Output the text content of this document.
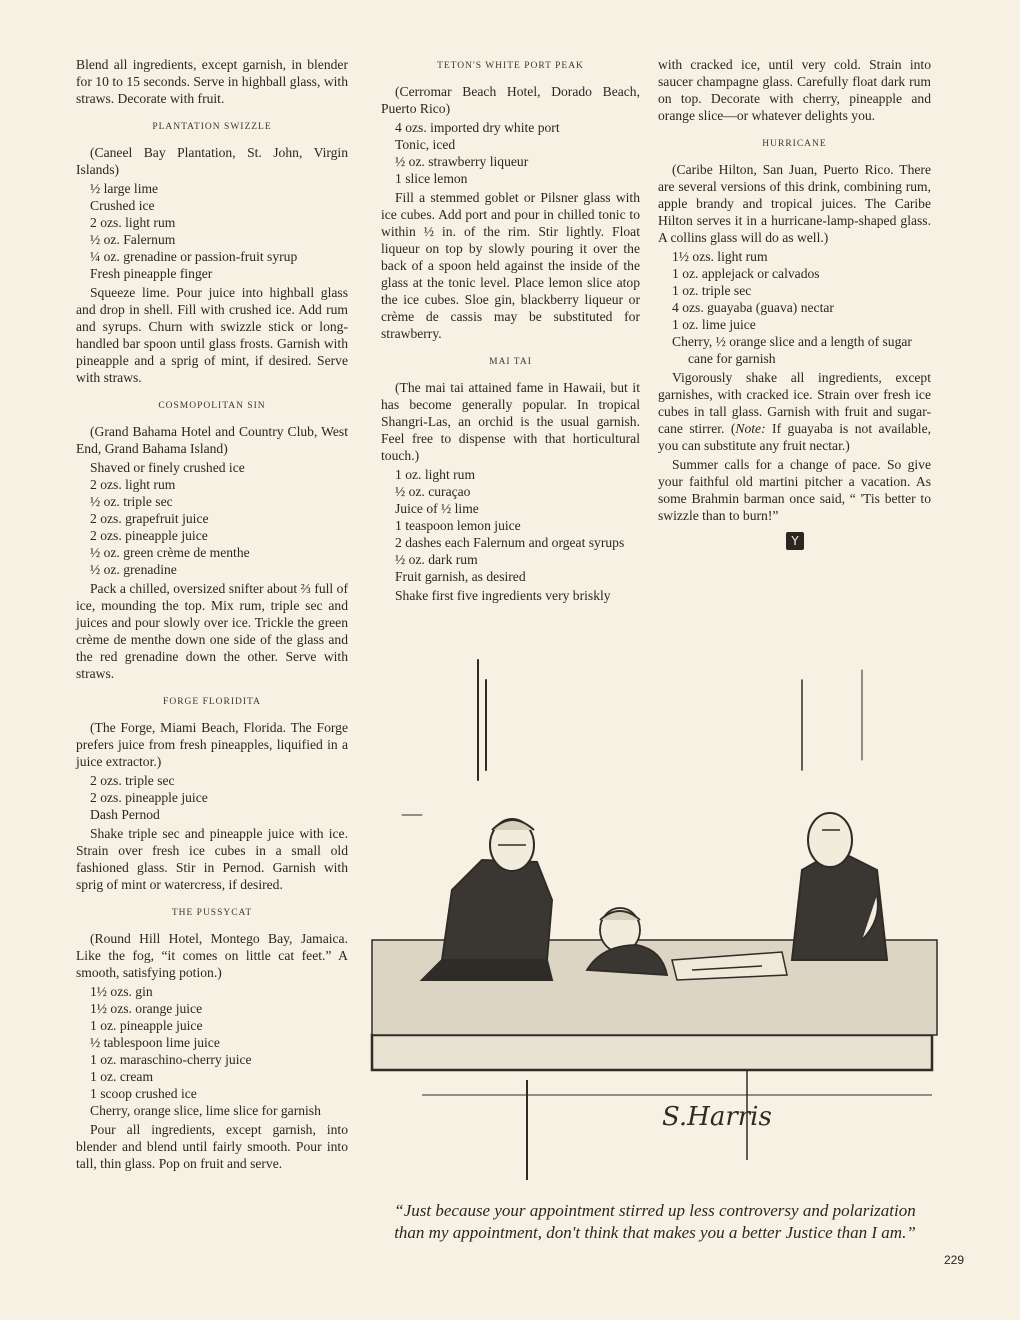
Blend all ingredients, except garnish, in blender for 10 to 15 seconds. Serve in highball glass, with straws. Decorate with fruit.

PLANTATION SWIZZLE

(Caneel Bay Plantation, St. John, Virgin Islands)

½ large lime
Crushed ice
2 ozs. light rum
½ oz. Falernum
¼ oz. grenadine or passion-fruit syrup
Fresh pineapple finger

Squeeze lime. Pour juice into highball glass and drop in shell. Fill with crushed ice. Add rum and syrups. Churn with swizzle stick or long-handled bar spoon until glass frosts. Garnish with pineapple and a sprig of mint, if desired. Serve with straws.

COSMOPOLITAN SIN

(Grand Bahama Hotel and Country Club, West End, Grand Bahama Island)

Shaved or finely crushed ice
2 ozs. light rum
½ oz. triple sec
2 ozs. grapefruit juice
2 ozs. pineapple juice
½ oz. green crème de menthe
½ oz. grenadine

Pack a chilled, oversized snifter about ⅔ full of ice, mounding the top. Mix rum, triple sec and juices and pour slowly over ice. Trickle the green crème de menthe down one side of the glass and the red grenadine down the other. Serve with straws.

FORGE FLORIDITA

(The Forge, Miami Beach, Florida. The Forge prefers juice from fresh pineapples, liquified in a juice extractor.)

2 ozs. triple sec
2 ozs. pineapple juice
Dash Pernod

Shake triple sec and pineapple juice with ice. Strain over fresh ice cubes in a small old fashioned glass. Stir in Pernod. Garnish with sprig of mint or watercress, if desired.

THE PUSSYCAT

(Round Hill Hotel, Montego Bay, Jamaica. Like the fog, “it comes on little cat feet.” A smooth, satisfying potion.)

1½ ozs. gin
1½ ozs. orange juice
1 oz. pineapple juice
½ tablespoon lime juice
1 oz. maraschino-cherry juice
1 oz. cream
1 scoop crushed ice
Cherry, orange slice, lime slice for garnish

Pour all ingredients, except garnish, into blender and blend until fairly smooth. Pour into tall, thin glass. Pop on fruit and serve.

TETON'S WHITE PORT PEAK

(Cerromar Beach Hotel, Dorado Beach, Puerto Rico)

4 ozs. imported dry white port
Tonic, iced
½ oz. strawberry liqueur
1 slice lemon

Fill a stemmed goblet or Pilsner glass with ice cubes. Add port and pour in chilled tonic to within ½ in. of the rim. Stir lightly. Float liqueur on top by slowly pouring it over the back of a spoon held against the inside of the glass at the tonic level. Place lemon slice atop the ice cubes. Sloe gin, blackberry liqueur or crème de cassis may be substituted for strawberry.

MAI TAI

(The mai tai attained fame in Hawaii, but it has become generally popular. In tropical Shangri-Las, an orchid is the usual garnish. Feel free to dispense with that horticultural touch.)

1 oz. light rum
½ oz. curaçao
Juice of ½ lime
1 teaspoon lemon juice
2 dashes each Falernum and orgeat syrups
½ oz. dark rum
Fruit garnish, as desired

Shake first five ingredients very briskly

with cracked ice, until very cold. Strain into saucer champagne glass. Carefully float dark rum on top. Decorate with cherry, pineapple and orange slice—or whatever delights you.

HURRICANE

(Caribe Hilton, San Juan, Puerto Rico. There are several versions of this drink, combining rum, apple brandy and tropical juices. The Caribe Hilton serves it in a hurricane-lamp-shaped glass. A collins glass will do as well.)

1½ ozs. light rum
1 oz. applejack or calvados
1 oz. triple sec
4 ozs. guayaba (guava) nectar
1 oz. lime juice
Cherry, ½ orange slice and a length of sugar cane for garnish

Vigorously shake all ingredients, except garnishes, with cracked ice. Strain over fresh ice cubes in tall glass. Garnish with fruit and sugar-cane stirrer. (Note: If guayaba is not available, you can substitute any fruit nectar.)

Summer calls for a change of pace. So give your faithful old martini pitcher a vacation. As some Brahmin barman once said, “ 'Tis better to swizzle than to burn!”

Y
S.Harris
“Just because your appointment stirred up less controversy and polarization than my appointment, don't think that makes you a better Justice than I am.”
229
